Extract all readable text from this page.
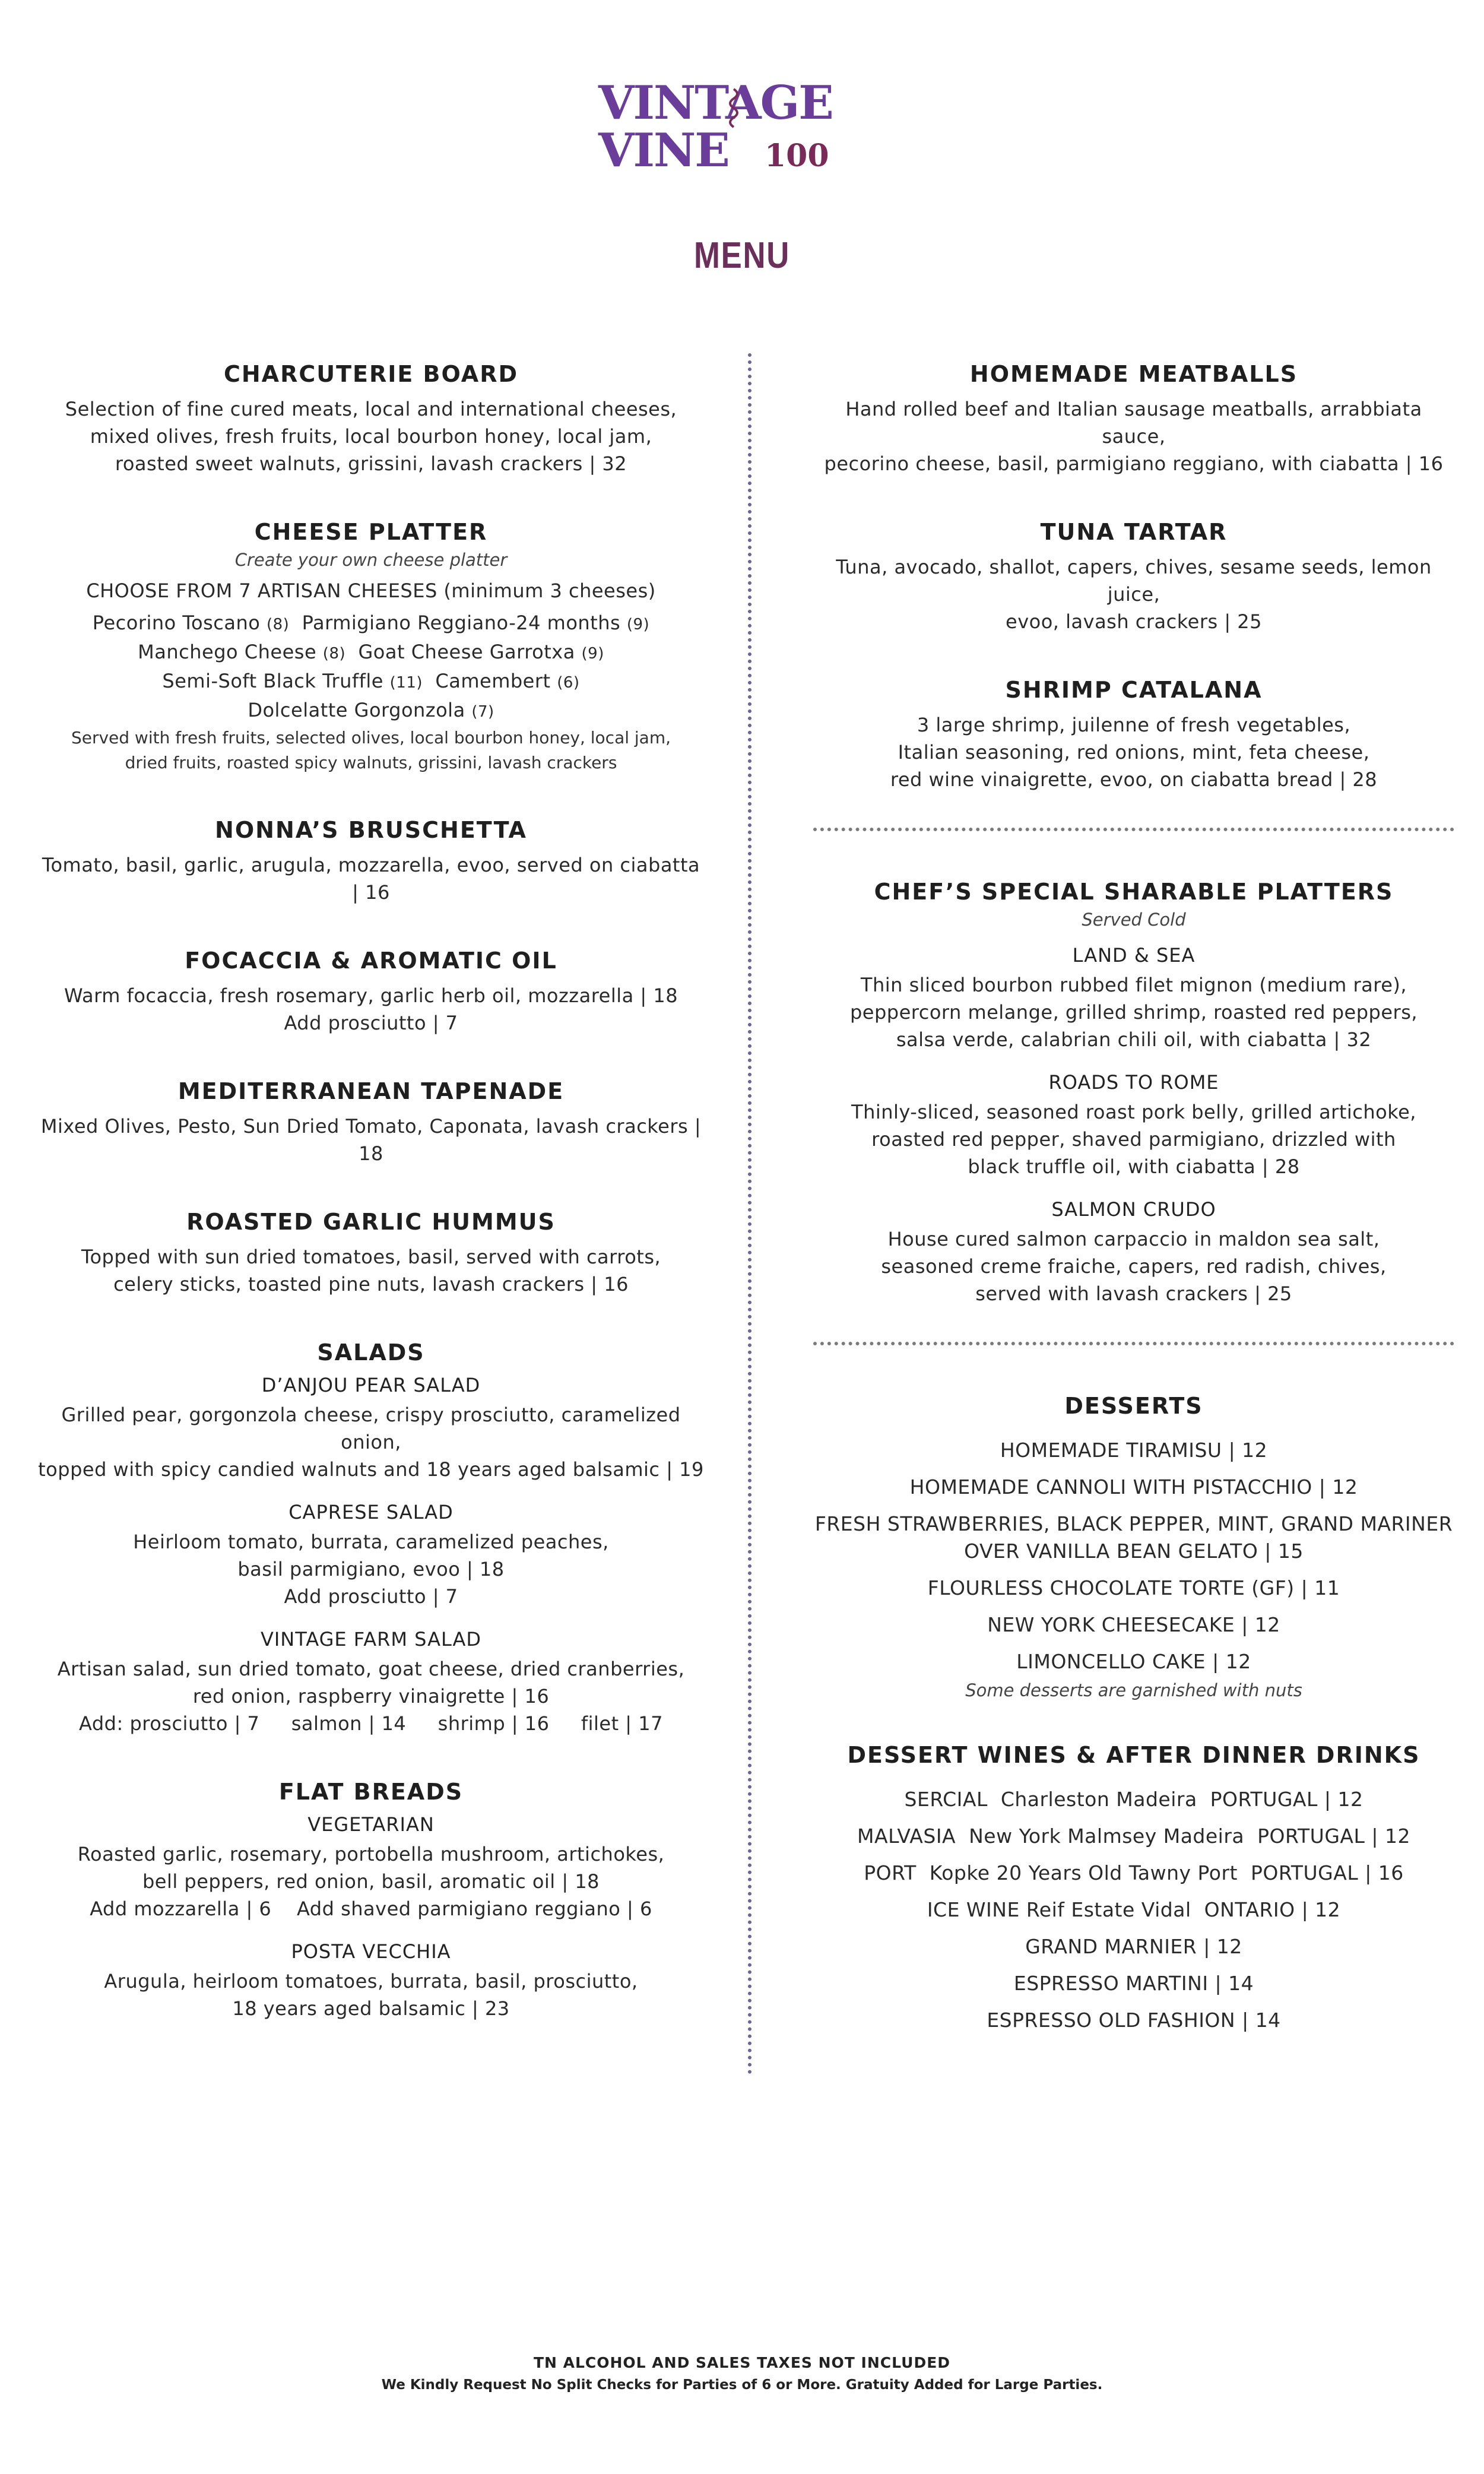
VINTAGE
VINE 100
MENU
CHARCUTERIE BOARD
Selection of fine cured meats, local and international cheeses,
mixed olives, fresh fruits, local bourbon honey, local jam,
roasted sweet walnuts, grissini, lavash crackers | 32
CHEESE PLATTER
Create your own cheese platter
CHOOSE FROM 7 ARTISAN CHEESES (minimum 3 cheeses)
Pecorino Toscano (8) Parmigiano Reggiano-24 months (9)
Manchego Cheese (8) Goat Cheese Garrotxa (9)
Semi-Soft Black Truffle (11) Camembert (6)
Dolcelatte Gorgonzola (7)
Served with fresh fruits, selected olives, local bourbon honey, local jam,
dried fruits, roasted spicy walnuts, grissini, lavash crackers
NONNA’S BRUSCHETTA
Tomato, basil, garlic, arugula, mozzarella, evoo, served on ciabatta | 16
FOCACCIA & AROMATIC OIL
Warm focaccia, fresh rosemary, garlic herb oil, mozzarella | 18
Add prosciutto | 7
MEDITERRANEAN TAPENADE
Mixed Olives, Pesto, Sun Dried Tomato, Caponata, lavash crackers | 18
ROASTED GARLIC HUMMUS
Topped with sun dried tomatoes, basil, served with carrots,
celery sticks, toasted pine nuts, lavash crackers | 16
SALADS
D’ANJOU PEAR SALAD
Grilled pear, gorgonzola cheese, crispy prosciutto, caramelized onion,
topped with spicy candied walnuts and 18 years aged balsamic | 19
CAPRESE SALAD
Heirloom tomato, burrata, caramelized peaches,
basil parmigiano, evoo | 18
Add prosciutto | 7
VINTAGE FARM SALAD
Artisan salad, sun dried tomato, goat cheese, dried cranberries,
red onion, raspberry vinaigrette | 16
Add: prosciutto | 7     salmon | 14     shrimp | 16     filet | 17
FLAT BREADS
VEGETARIAN
Roasted garlic, rosemary, portobella mushroom, artichokes,
bell peppers, red onion, basil, aromatic oil | 18
Add mozzarella | 6    Add shaved parmigiano reggiano | 6
POSTA VECCHIA
Arugula, heirloom tomatoes, burrata, basil, prosciutto,
18 years aged balsamic | 23
HOMEMADE MEATBALLS
Hand rolled beef and Italian sausage meatballs, arrabbiata sauce,
pecorino cheese, basil, parmigiano reggiano, with ciabatta | 16
TUNA TARTAR
Tuna, avocado, shallot, capers, chives, sesame seeds, lemon juice,
evoo, lavash crackers | 25
SHRIMP CATALANA
3 large shrimp, juilenne of fresh vegetables,
Italian seasoning, red onions, mint, feta cheese,
red wine vinaigrette, evoo, on ciabatta bread | 28
CHEF’S SPECIAL SHARABLE PLATTERS
Served Cold
LAND & SEA
Thin sliced bourbon rubbed filet mignon (medium rare),
peppercorn melange, grilled shrimp, roasted red peppers,
salsa verde, calabrian chili oil, with ciabatta | 32
ROADS TO ROME
Thinly-sliced, seasoned roast pork belly, grilled artichoke,
roasted red pepper, shaved parmigiano, drizzled with
black truffle oil, with ciabatta | 28
SALMON CRUDO
House cured salmon carpaccio in maldon sea salt,
seasoned creme fraiche, capers, red radish, chives,
served with lavash crackers | 25
DESSERTS
HOMEMADE TIRAMISU | 12
HOMEMADE CANNOLI WITH PISTACCHIO | 12
FRESH STRAWBERRIES, BLACK PEPPER, MINT, GRAND MARINER
OVER VANILLA BEAN GELATO | 15
FLOURLESS CHOCOLATE TORTE (GF) | 11
NEW YORK CHEESECAKE | 12
LIMONCELLO CAKE | 12
Some desserts are garnished with nuts
DESSERT WINES & AFTER DINNER DRINKS
SERCIAL  Charleston Madeira  PORTUGAL | 12
MALVASIA  New York Malmsey Madeira  PORTUGAL | 12
PORT  Kopke 20 Years Old Tawny Port  PORTUGAL | 16
ICE WINE Reif Estate Vidal  ONTARIO | 12
GRAND MARNIER | 12
ESPRESSO MARTINI | 14
ESPRESSO OLD FASHION | 14
TN ALCOHOL AND SALES TAXES NOT INCLUDED
We Kindly Request No Split Checks for Parties of 6 or More. Gratuity Added for Large Parties.
